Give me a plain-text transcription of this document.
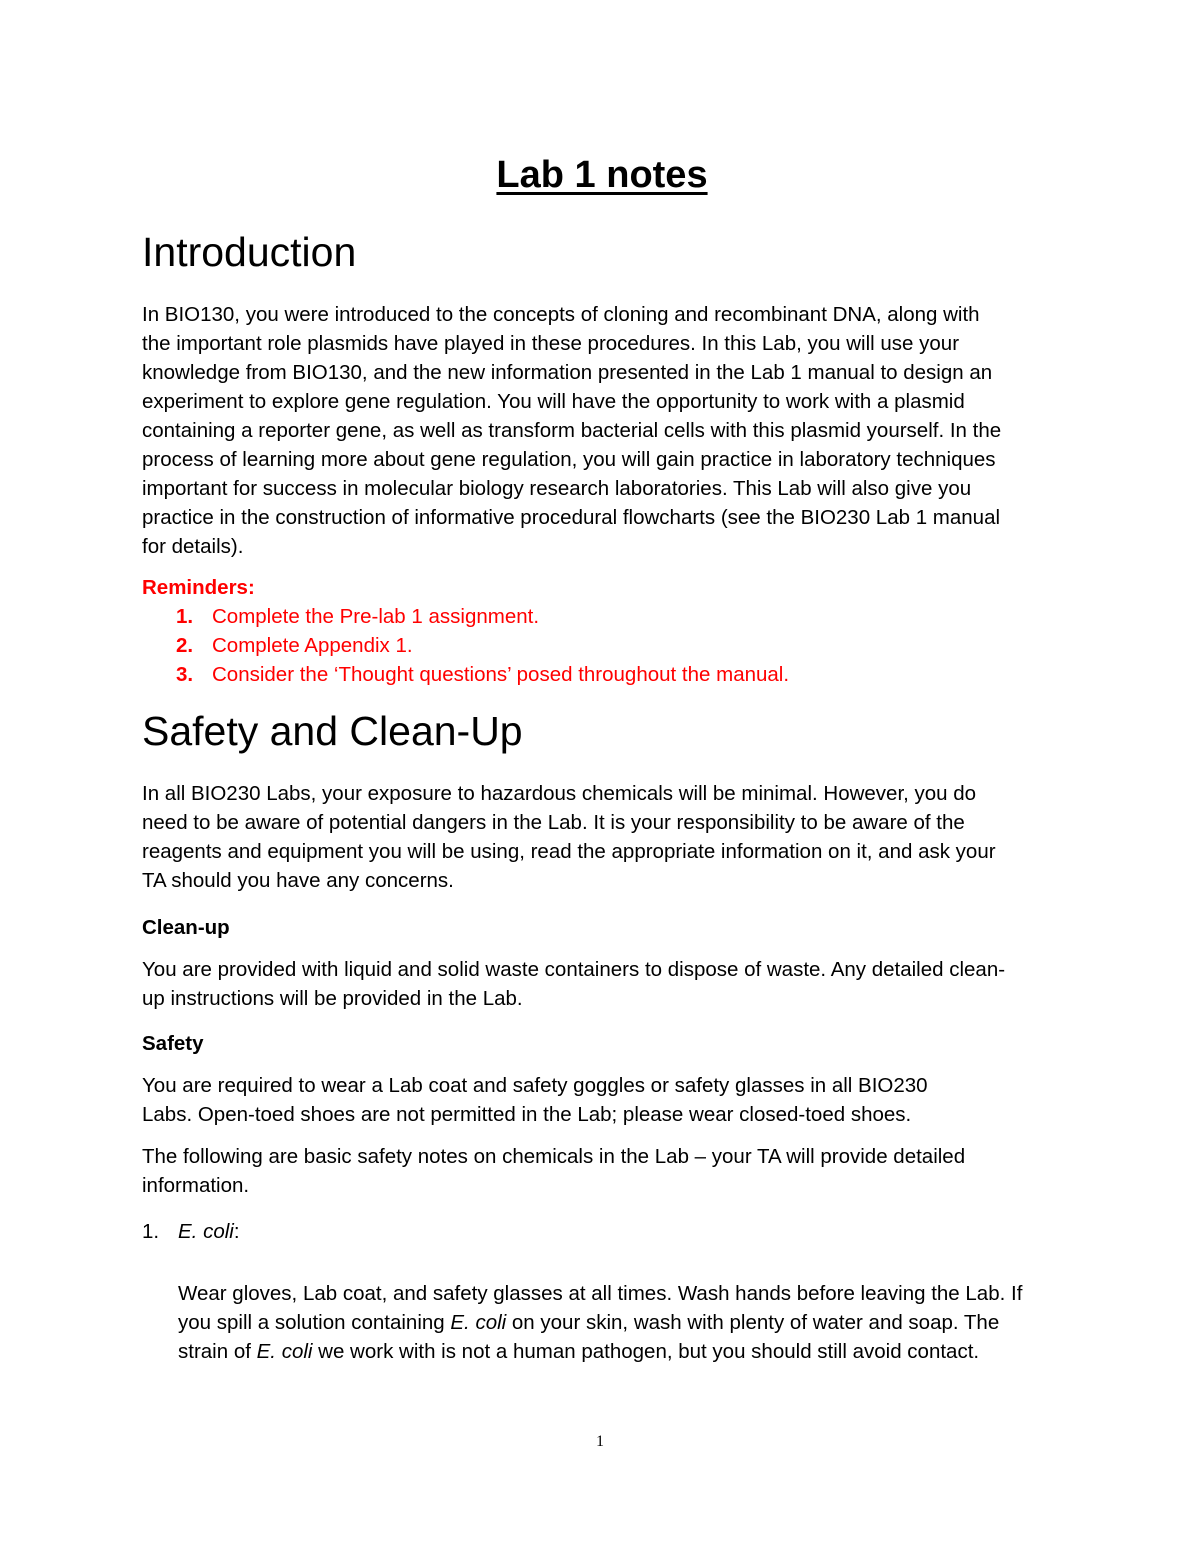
Lab 1 notes
Introduction
In BIO130, you were introduced to the concepts of cloning and recombinant DNA, along with
the important role plasmids have played in these procedures. In this Lab, you will use your
knowledge from BIO130, and the new information presented in the Lab 1 manual to design an
experiment to explore gene regulation. You will have the opportunity to work with a plasmid
containing a reporter gene, as well as transform bacterial cells with this plasmid yourself. In the
process of learning more about gene regulation, you will gain practice in laboratory techniques
important for success in molecular biology research laboratories. This Lab will also give you
practice in the construction of informative procedural flowcharts (see the BIO230 Lab 1 manual
for details).

Reminders:

1. Complete the Pre-lab 1 assignment.
2. Complete Appendix 1.
3. Consider the ‘Thought questions’ posed throughout the manual.
Safety and Clean-Up
In all BIO230 Labs, your exposure to hazardous chemicals will be minimal. However, you do
need to be aware of potential dangers in the Lab. It is your responsibility to be aware of the
reagents and equipment you will be using, read the appropriate information on it, and ask your
TA should you have any concerns.

Clean-up

You are provided with liquid and solid waste containers to dispose of waste. Any detailed clean-
up instructions will be provided in the Lab.

Safety

You are required to wear a Lab coat and safety goggles or safety glasses in all BIO230
Labs. Open-toed shoes are not permitted in the Lab; please wear closed-toed shoes.
The following are basic safety notes on chemicals in the Lab – your TA will provide detailed
information.
1. E. coli:
Wear gloves, Lab coat, and safety glasses at all times. Wash hands before leaving the Lab. If
you spill a solution containing E. coli on your skin, wash with plenty of water and soap. The
strain of E. coli we work with is not a human pathogen, but you should still avoid contact.
1
